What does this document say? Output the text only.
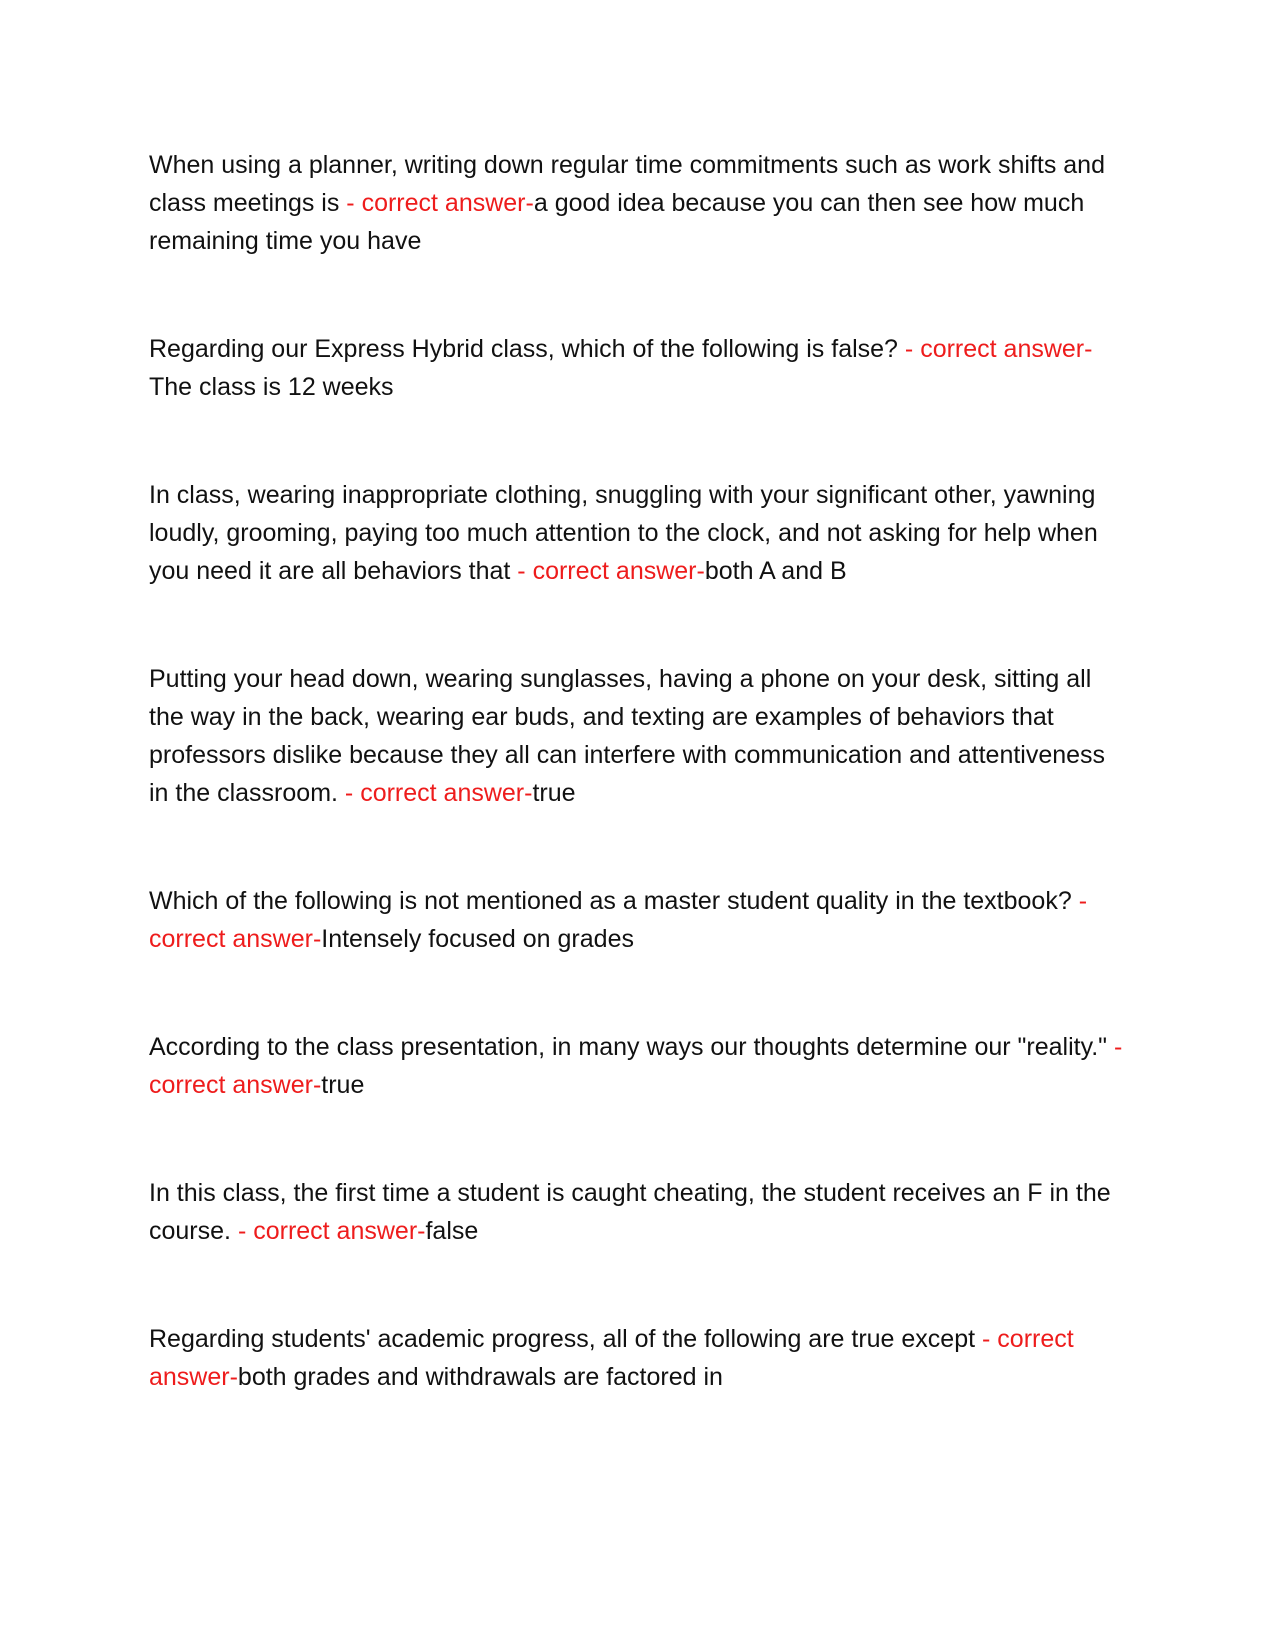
When using a planner, writing down regular time commitments such as work shifts and class meetings is - correct answer-a good idea because you can then see how much remaining time you have

Regarding our Express Hybrid class, which of the following is false? - correct answer-The class is 12 weeks

In class, wearing inappropriate clothing, snuggling with your significant other, yawning loudly, grooming, paying too much attention to the clock, and not asking for help when you need it are all behaviors that - correct answer-both A and B

Putting your head down, wearing sunglasses, having a phone on your desk, sitting all the way in the back, wearing ear buds, and texting are examples of behaviors that professors dislike because they all can interfere with communication and attentiveness in the classroom. - correct answer-true

Which of the following is not mentioned as a master student quality in the textbook? - correct answer-Intensely focused on grades

According to the class presentation, in many ways our thoughts determine our "reality." - correct answer-true

In this class, the first time a student is caught cheating, the student receives an F in the course. - correct answer-false

Regarding students' academic progress, all of the following are true except - correct answer-both grades and withdrawals are factored in
